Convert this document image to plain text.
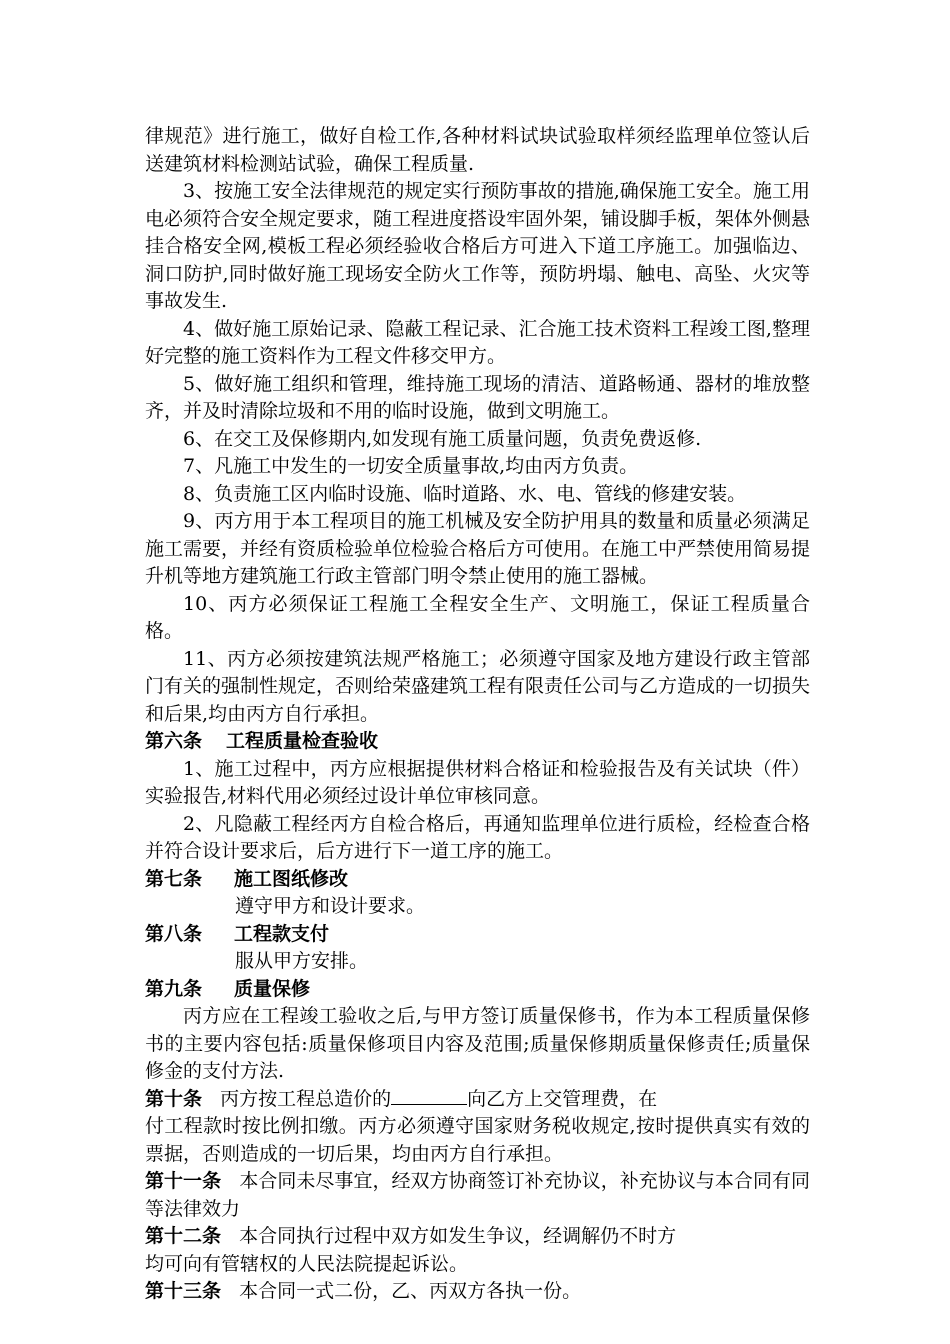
律规范》进行施工，做好自检工作,各种材料试块试验取样须经监理单位签认后送建筑材料检测站试验，确保工程质量.

3、按施工安全法律规范的规定实行预防事故的措施,确保施工安全。施工用电必须符合安全规定要求，随工程进度搭设牢固外架，铺设脚手板，架体外侧悬挂合格安全网,模板工程必须经验收合格后方可进入下道工序施工。加强临边、洞口防护,同时做好施工现场安全防火工作等，预防坍塌、触电、高坠、火灾等事故发生.

4、做好施工原始记录、隐蔽工程记录、汇合施工技术资料工程竣工图,整理好完整的施工资料作为工程文件移交甲方。

5、做好施工组织和管理，维持施工现场的清洁、道路畅通、器材的堆放整齐，并及时清除垃圾和不用的临时设施，做到文明施工。

6、在交工及保修期内,如发现有施工质量问题，负责免费返修.

7、凡施工中发生的一切安全质量事故,均由丙方负责。

8、负责施工区内临时设施、临时道路、水、电、管线的修建安装。

9、丙方用于本工程项目的施工机械及安全防护用具的数量和质量必须满足施工需要，并经有资质检验单位检验合格后方可使用。在施工中严禁使用简易提升机等地方建筑施工行政主管部门明令禁止使用的施工器械。

10、丙方必须保证工程施工全程安全生产、文明施工，保证工程质量合格。

11、丙方必须按建筑法规严格施工；必须遵守国家及地方建设行政主管部门有关的强制性规定，否则给荣盛建筑工程有限责任公司与乙方造成的一切损失和后果,均由丙方自行承担。

第六条 工程质量检查验收

1、施工过程中，丙方应根据提供材料合格证和检验报告及有关试块（件）实验报告,材料代用必须经过设计单位审核同意。

2、凡隐蔽工程经丙方自检合格后，再通知监理单位进行质检，经检查合格并符合设计要求后，后方进行下一道工序的施工。

第七条 施工图纸修改

遵守甲方和设计要求。

第八条 工程款支付

服从甲方安排。

第九条 质量保修

丙方应在工程竣工验收之后,与甲方签订质量保修书，作为本工程质量保修书的主要内容包括:质量保修项目内容及范围;质量保修期质量保修责任;质量保修金的支付方法.

第十条 丙方按工程总造价的	向乙方上交管理费，在

付工程款时按比例扣缴。丙方必须遵守国家财务税收规定,按时提供真实有效的票据，否则造成的一切后果，均由丙方自行承担。

第十一条 本合同未尽事宜，经双方协商签订补充协议，补充协议与本合同有同等法律效力

第十二条 本合同执行过程中双方如发生争议，经调解仍不时方

均可向有管辖权的人民法院提起诉讼。

第十三条 本合同一式二份，乙、丙双方各执一份。
